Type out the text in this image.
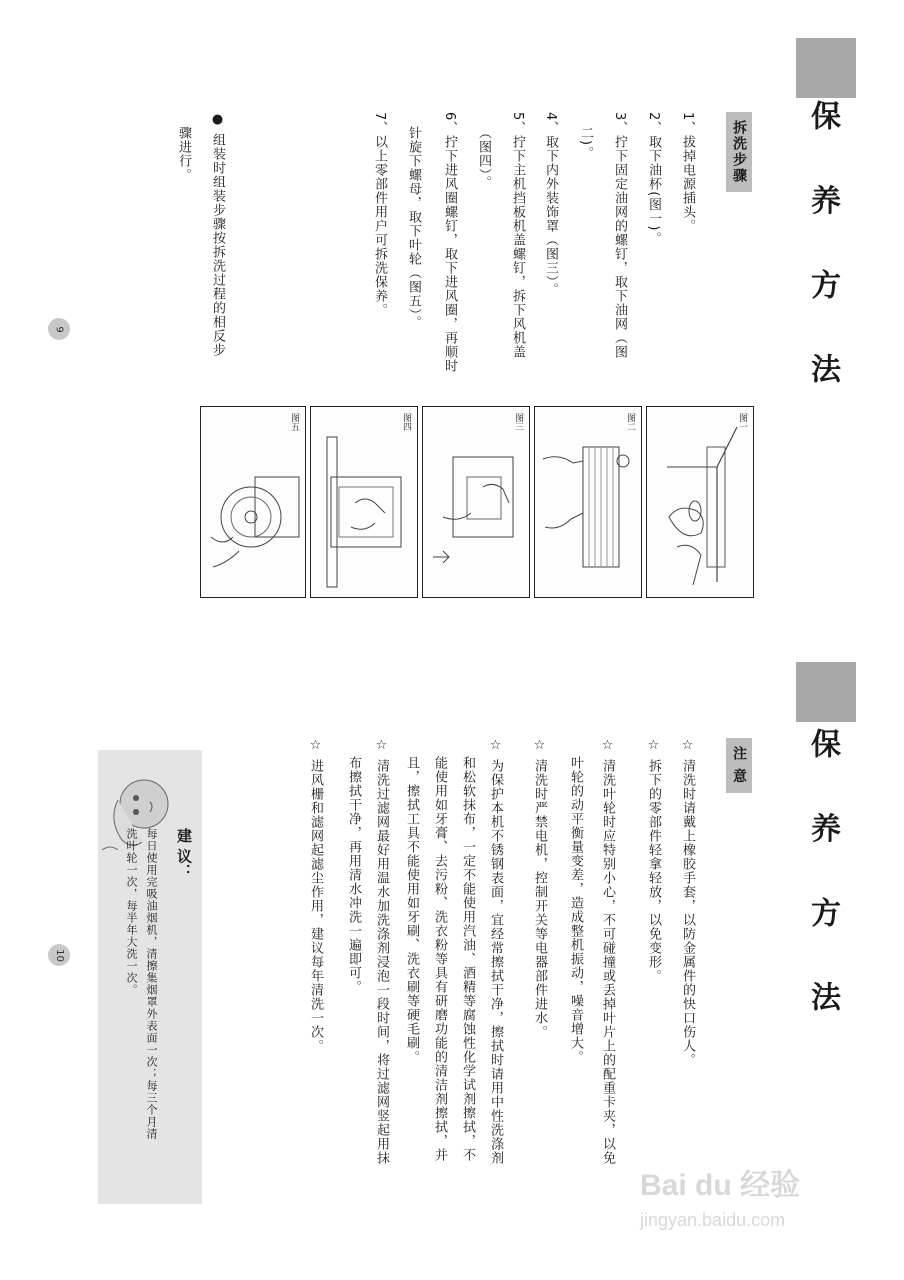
保 养 方 法
拆洗步骤
1、拔掉电源插头。
2、取下油杯(图一)。
3、拧下固定油网的螺钉，取下油网（图
二)。
4、取下内外装饰罩（图三）。
5、拧下主机挡板机盖螺钉，拆下风机盖
（图四）。
6、拧下进风圈螺钉，取下进风圈，再顺时
针旋下螺母，取下叶轮（图五）。
7、以上零部件用户可拆洗保养。
● 组装时组装步骤按拆洗过程的相反步
骤进行。
9
图一
图二
图三
图四
图五
保 养 方 法
注 意
☆ 清洗时请戴上橡胶手套，以防金属件的快口伤人。
☆ 拆下的零部件轻拿轻放，以免变形。
☆ 清洗叶轮时应特别小心，不可碰撞或丢掉叶片上的配重卡夹，以免
叶轮的动平衡量变差，造成整机振动，噪音增大。
☆ 清洗时严禁电机，控制开关等电器部件进水。
☆ 为保护本机不锈钢表面，宜经常擦拭干净，擦拭时请用中性洗涤剂
和松软抹布，一定不能使用汽油、酒精等腐蚀性化学试剂擦拭，不
能使用如牙膏、去污粉、洗衣粉等具有研磨功能的清洁剂擦拭，并
且，擦拭工具不能使用如牙刷、洗衣刷等硬毛刷。
☆ 清洗过滤网最好用温水加洗涤剂浸泡一段时间，将过滤网竖起用抹
布擦拭干净，再用清水冲洗一遍即可。
☆ 进风栅和滤网起滤尘作用，建议每年清洗一次。
建 议：
每日使用完吸油烟机，清擦集烟罩外表面一次；每三个月清
洗叶轮一次，每半年大洗一次。
10
Bai du 经验
jingyan.baidu.com
